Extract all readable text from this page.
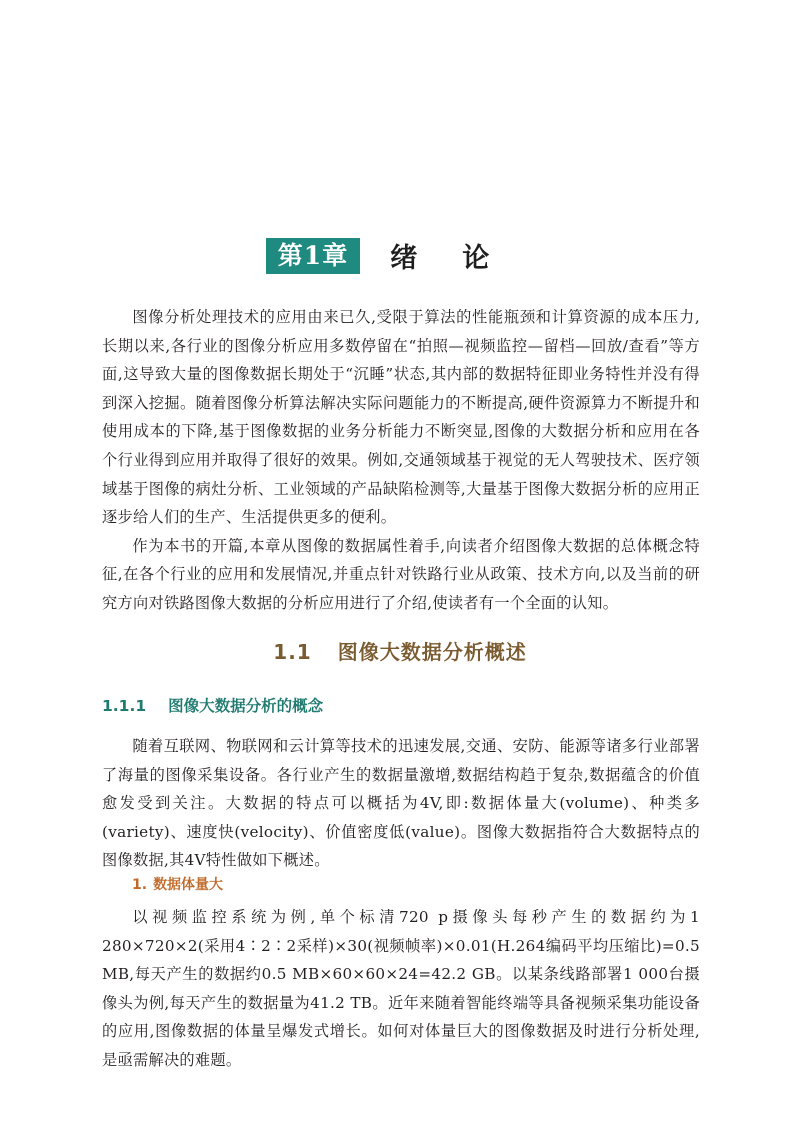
第1章	绪论

图像分析处理技术的应用由来已久,受限于算法的性能瓶颈和计算资源的成本压力,长期以来,各行业的图像分析应用多数停留在“拍照—视频监控—留档—回放/查看”等方面,这导致大量的图像数据长期处于“沉睡”状态,其内部的数据特征即业务特性并没有得到深入挖掘。随着图像分析算法解决实际问题能力的不断提高,硬件资源算力不断提升和使用成本的下降,基于图像数据的业务分析能力不断突显,图像的大数据分析和应用在各个行业得到应用并取得了很好的效果。例如,交通领域基于视觉的无人驾驶技术、医疗领域基于图像的病灶分析、工业领域的产品缺陷检测等,大量基于图像大数据分析的应用正逐步给人们的生产、生活提供更多的便利。

作为本书的开篇,本章从图像的数据属性着手,向读者介绍图像大数据的总体概念特征,在各个行业的应用和发展情况,并重点针对铁路行业从政策、技术方向,以及当前的研究方向对铁路图像大数据的分析应用进行了介绍,使读者有一个全面的认知。

1.1 图像大数据分析概述
1.1.1 图像大数据分析的概念

随着互联网、物联网和云计算等技术的迅速发展,交通、安防、能源等诸多行业部署了海量的图像采集设备。各行业产生的数据量激增,数据结构趋于复杂,数据蕴含的价值愈发受到关注。大数据的特点可以概括为4V,即:数据体量大(volume)、种类多(variety)、速度快(velocity)、价值密度低(value)。图像大数据指符合大数据特点的图像数据,其4V特性做如下概述。

1. 数据体量大

以视频监控系统为例,单个标清720 p摄像头每秒产生的数据约为1 280×720×2(采用4∶2∶2采样)×30(视频帧率)×0.01(H.264编码平均压缩比)=0.5 MB,每天产生的数据约0.5 MB×60×60×24=42.2 GB。以某条线路部署1 000台摄像头为例,每天产生的数据量为41.2 TB。近年来随着智能终端等具备视频采集功能设备的应用,图像数据的体量呈爆发式增长。如何对体量巨大的图像数据及时进行分析处理,是亟需解决的难题。
